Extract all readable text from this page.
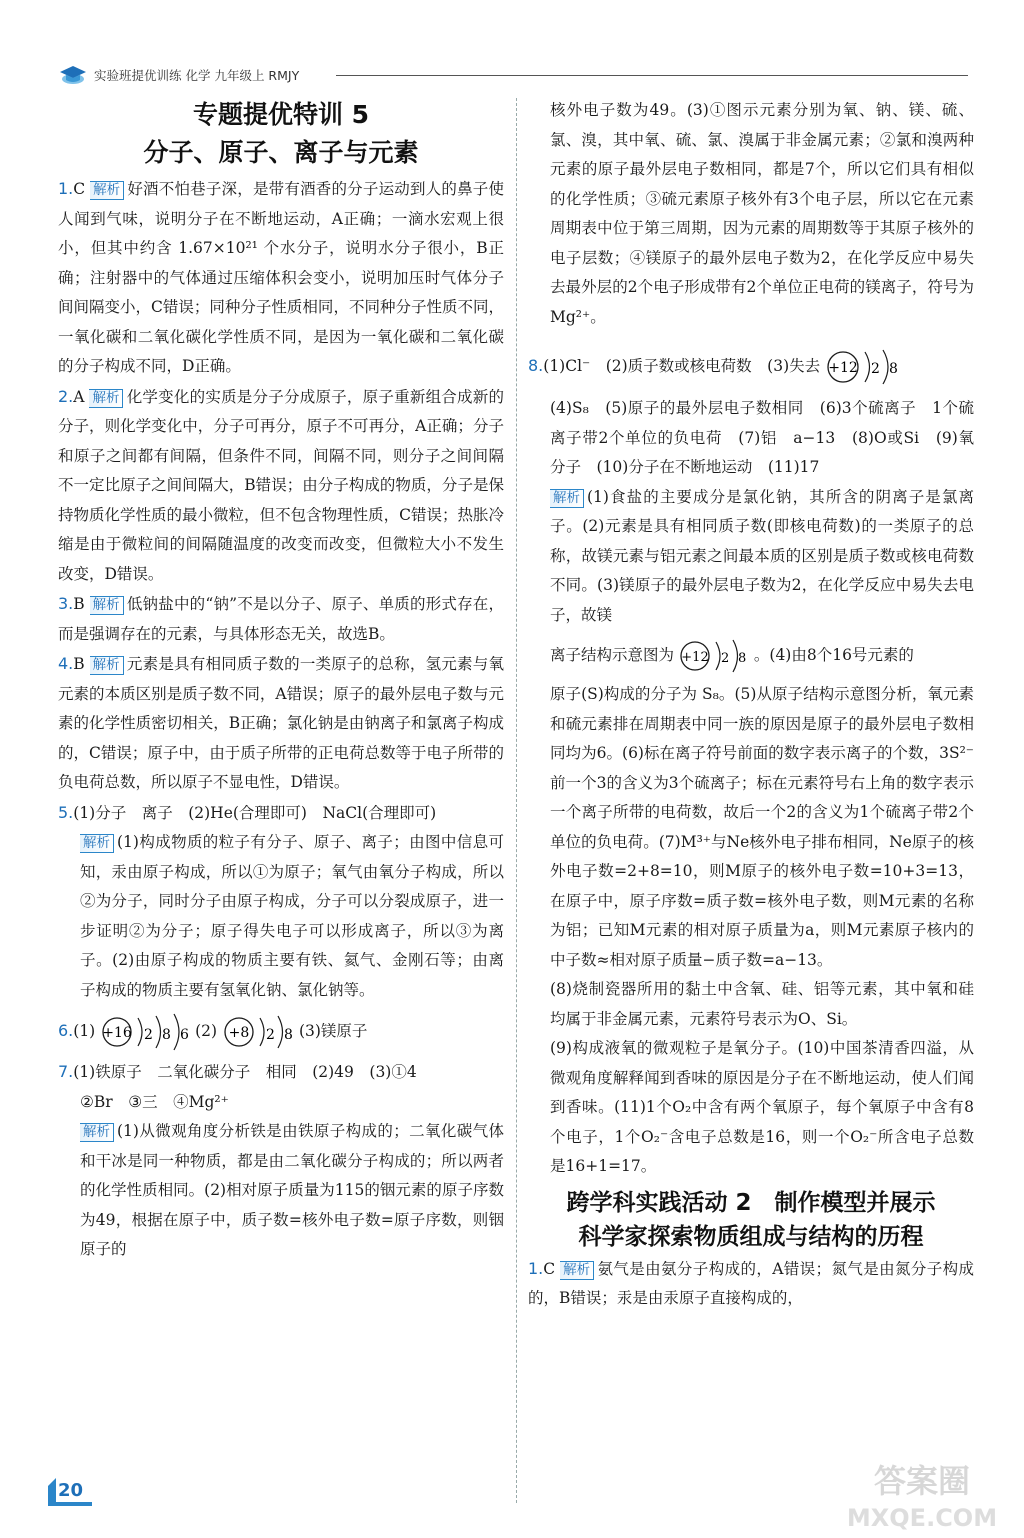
实验班提优训练 化学 九年级上 RMJY
专题提优特训 5
分子、原子、离子与元素

1.C 解析 好酒不怕巷子深，是带有酒香的分子运动到人的鼻子使人闻到气味，说明分子在不断地运动，A正确；一滴水宏观上很小，但其中约含 1.67×10²¹ 个水分子，说明水分子很小，B正确；注射器中的气体通过压缩体积会变小，说明加压时气体分子间间隔变小，C错误；同种分子性质相同，不同种分子性质不同，一氧化碳和二氧化碳化学性质不同，是因为一氧化碳和二氧化碳的分子构成不同，D正确。

2.A 解析 化学变化的实质是分子分成原子，原子重新组合成新的分子，则化学变化中，分子可再分，原子不可再分，A正确；分子和原子之间都有间隔，但条件不同，间隔不同，则分子之间间隔不一定比原子之间间隔大，B错误；由分子构成的物质，分子是保持物质化学性质的最小微粒，但不包含物理性质，C错误；热胀冷缩是由于微粒间的间隔随温度的改变而改变，但微粒大小不发生改变，D错误。

3.B 解析 低钠盐中的“钠”不是以分子、原子、单质的形式存在，而是强调存在的元素，与具体形态无关，故选B。

4.B 解析 元素是具有相同质子数的一类原子的总称，氢元素与氧元素的本质区别是质子数不同，A错误；原子的最外层电子数与元素的化学性质密切相关，B正确；氯化钠是由钠离子和氯离子构成的，C错误；原子中，由于质子所带的正电荷总数等于电子所带的负电荷总数，所以原子不显电性，D错误。

5.(1)分子　离子　(2)He(合理即可)　NaCl(合理即可)

解析 (1)构成物质的粒子有分子、原子、离子；由图中信息可知，汞由原子构成，所以①为原子；氧气由氧分子构成，所以②为分子，同时分子由原子构成，分子可以分裂成原子，进一步证明②为分子；原子得失电子可以形成离子，所以③为离子。(2)由原子构成的物质主要有铁、氦气、金刚石等；由离子构成的物质主要有氢氧化钠、氯化钠等。

6.(1) +16 2 8 6 (2) +8 2 8 (3)镁原子

7.(1)铁原子　二氧化碳分子　相同　(2)49　(3)①4

②Br　③三　④Mg²⁺

解析 (1)从微观角度分析铁是由铁原子构成的；二氧化碳气体和干冰是同一种物质，都是由二氧化碳分子构成的；所以两者的化学性质相同。(2)相对原子质量为115的铟元素的原子序数为49，根据在原子中，质子数=核外电子数=原子序数，则铟原子的

核外电子数为49。(3)①图示元素分别为氧、钠、镁、硫、氯、溴，其中氧、硫、氯、溴属于非金属元素；②氯和溴两种元素的原子最外层电子数相同，都是7个，所以它们具有相似的化学性质；③硫元素原子核外有3个电子层，所以它在元素周期表中位于第三周期，因为元素的周期数等于其原子核外的电子层数；④镁原子的最外层电子数为2，在化学反应中易失去最外层的2个电子形成带有2个单位正电荷的镁离子，符号为 Mg²⁺。

8.(1)Cl⁻　(2)质子数或核电荷数　(3)失去 +12 2 8

(4)S₈　(5)原子的最外层电子数相同　(6)3个硫离子　1个硫离子带2个单位的负电荷　(7)铝　a−13　(8)O或Si　(9)氧分子　(10)分子在不断地运动　(11)17

解析 (1)食盐的主要成分是氯化钠，其所含的阴离子是氯离子。(2)元素是具有相同质子数(即核电荷数)的一类原子的总称，故镁元素与铝元素之间最本质的区别是质子数或核电荷数不同。(3)镁原子的最外层电子数为2，在化学反应中易失去电子，故镁

离子结构示意图为 +12 2 8 。(4)由8个16号元素的

原子(S)构成的分子为 S₈。(5)从原子结构示意图分析，氧元素和硫元素排在周期表中同一族的原因是原子的最外层电子数相同均为6。(6)标在离子符号前面的数字表示离子的个数，3S²⁻前一个3的含义为3个硫离子；标在元素符号右上角的数字表示一个离子所带的电荷数，故后一个2的含义为1个硫离子带2个单位的负电荷。(7)M³⁺与Ne核外电子排布相同，Ne原子的核外电子数=2+8=10，则M原子的核外电子数=10+3=13，在原子中，原子序数=质子数=核外电子数，则M元素的名称为铝；已知M元素的相对原子质量为a，则M元素原子核内的中子数≈相对原子质量−质子数=a−13。

(8)烧制瓷器所用的黏土中含氧、硅、铝等元素，其中氧和硅均属于非金属元素，元素符号表示为O、Si。

(9)构成液氧的微观粒子是氧分子。(10)中国茶清香四溢，从微观角度解释闻到香味的原因是分子在不断地运动，使人们闻到香味。(11)1个O₂中含有两个氧原子，每个氧原子中含有8个电子，1个O₂⁻含电子总数是16，则一个O₂⁻所含电子总数是16+1=17。

跨学科实践活动 2　制作模型并展示
科学家探索物质组成与结构的历程

1.C 解析 氨气是由氨分子构成的，A错误；氮气是由氮分子构成的，B错误；汞是由汞原子直接构成的，

20	答案圈
MXQE.COM
